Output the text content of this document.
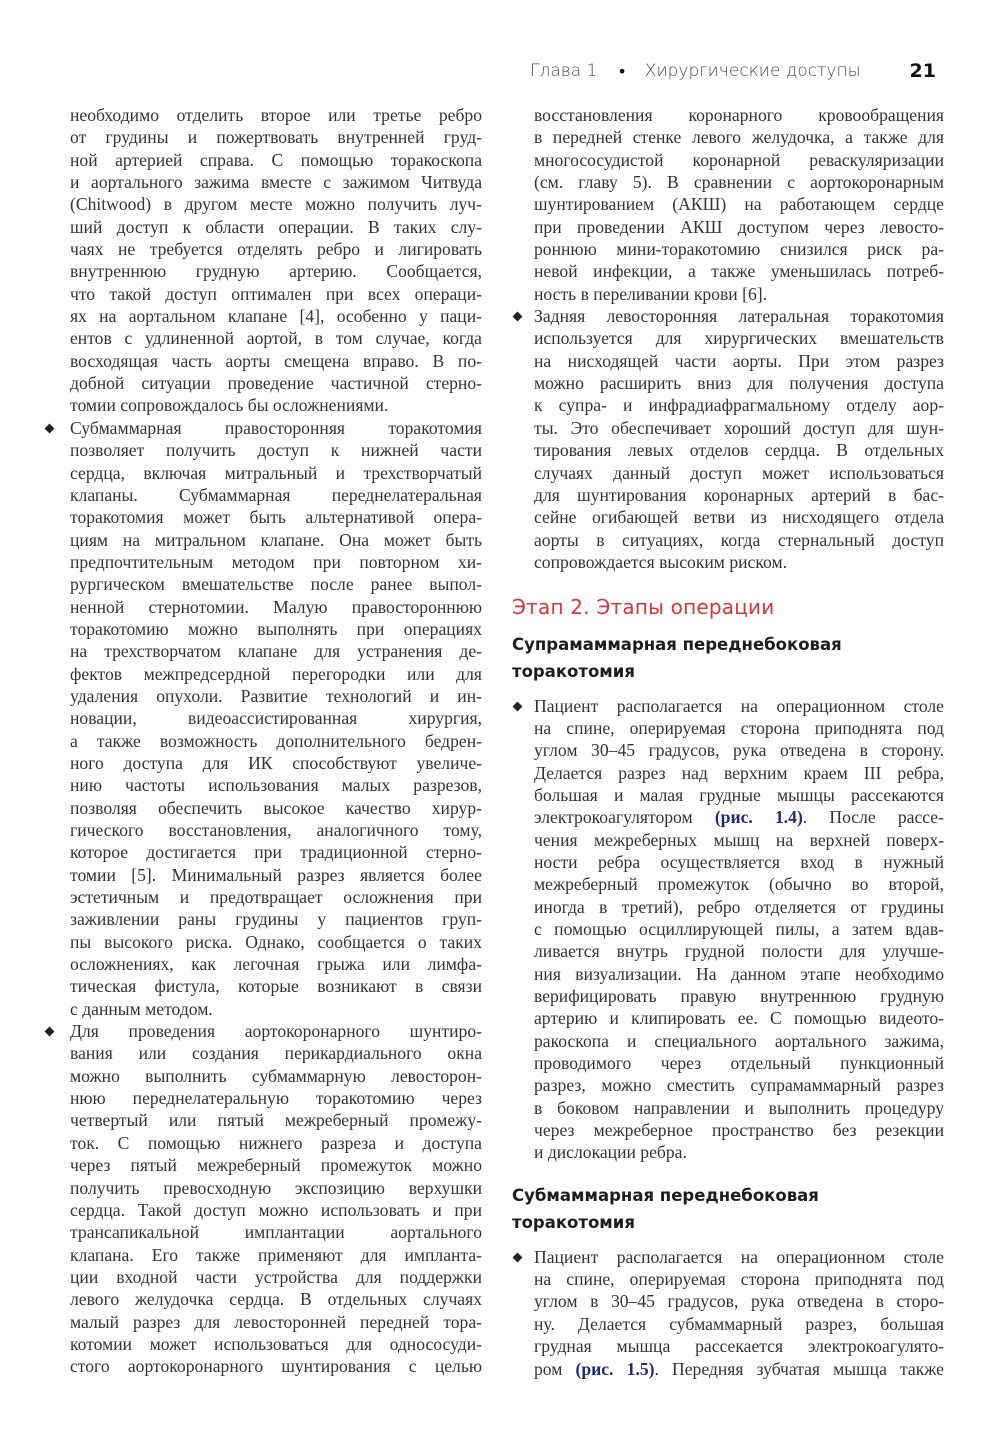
Глава 1 • Хирургические доступы	21

необходимо отделить второе или третье ребро
от грудины и пожертвовать внутренней груд-
ной артерией справа. С помощью торакоскопа
и аортального зажима вместе с зажимом Читвуда
(Chitwood) в другом месте можно получить луч-
ший доступ к области операции. В таких слу-
чаях не требуется отделять ребро и лигировать
внутреннюю грудную артерию. Сообщается,
что такой доступ оптимален при всех операци-
ях на аортальном клапане [4], особенно у паци-
ентов с удлиненной аортой, в том случае, когда
восходящая часть аорты смещена вправо. В по-
добной ситуации проведение частичной стерно-
томии сопровождалось бы осложнениями.

Субмаммарная правосторонняя торакотомия
позволяет получить доступ к нижней части
сердца, включая митральный и трехстворчатый
клапаны. Субмаммарная переднелатеральная
торакотомия может быть альтернативой опера-
циям на митральном клапане. Она может быть
предпочтительным методом при повторном хи-
рургическом вмешательстве после ранее выпол-
ненной стернотомии. Малую правостороннюю
торакотомию можно выполнять при операциях
на трехстворчатом клапане для устранения де-
фектов межпредсердной перегородки или для
удаления опухоли. Развитие технологий и ин-
новации, видеоассистированная хирургия,
а также возможность дополнительного бедрен-
ного доступа для ИК способствуют увеличе-
нию частоты использования малых разрезов,
позволяя обеспечить высокое качество хирур-
гического восстановления, аналогичного тому,
которое достигается при традиционной стерно-
томии [5]. Минимальный разрез является более
эстетичным и предотвращает осложнения при
заживлении раны грудины у пациентов груп-
пы высокого риска. Однако, сообщается о таких
осложнениях, как легочная грыжа или лимфа-
тическая фистула, которые возникают в связи
с данным методом.

Для проведения аортокоронарного шунтиро-
вания или создания перикардиального окна
можно выполнить субмаммарную левосторон-
нюю переднелатеральную торакотомию через
четвертый или пятый межреберный промежу-
ток. С помощью нижнего разреза и доступа
через пятый межреберный промежуток можно
получить превосходную экспозицию верхушки
сердца. Такой доступ можно использовать и при
трансапикальной имплантации аортального
клапана. Его также применяют для импланта-
ции входной части устройства для поддержки
левого желудочка сердца. В отдельных случаях
малый разрез для левосторонней передней тора-
котомии может использоваться для однососуди-
стого аортокоронарного шунтирования с целью

восстановления коронарного кровообращения
в передней стенке левого желудочка, а также для
многососудистой коронарной реваскуляризации
(см. главу 5). В сравнении с аортокоронарным
шунтированием (АКШ) на работающем сердце
при проведении АКШ доступом через левосто-
роннюю мини-торакотомию снизился риск ра-
невой инфекции, а также уменьшилась потреб-
ность в переливании крови [6].

Задняя левосторонняя латеральная торакотомия
используется для хирургических вмешательств
на нисходящей части аорты. При этом разрез
можно расширить вниз для получения доступа
к супра- и инфрадиафрагмальному отделу аор-
ты. Это обеспечивает хороший доступ для шун-
тирования левых отделов сердца. В отдельных
случаях данный доступ может использоваться
для шунтирования коронарных артерий в бас-
сейне огибающей ветви из нисходящего отдела
аорты в ситуациях, когда стернальный доступ
сопровождается высоким риском.

Этап 2. Этапы операции
Супрамаммарная переднебоковая
торакотомия

Пациент располагается на операционном столе
на спине, оперируемая сторона приподнята под
углом 30–45 градусов, рука отведена в сторону.
Делается разрез над верхним краем III ребра,
большая и малая грудные мышцы рассекаются
электрокоагулятором (рис. 1.4). После рассе-
чения межреберных мышц на верхней поверх-
ности ребра осуществляется вход в нужный
межреберный промежуток (обычно во второй,
иногда в третий), ребро отделяется от грудины
с помощью осциллирующей пилы, а затем вдав-
ливается внутрь грудной полости для улучше-
ния визуализации. На данном этапе необходимо
верифицировать правую внутреннюю грудную
артерию и клипировать ее. С помощью видеото-
ракоскопа и специального аортального зажима,
проводимого через отдельный пункционный
разрез, можно сместить супрамаммарный разрез
в боковом направлении и выполнить процедуру
через межреберное пространство без резекции
и дислокации ребра.

Субмаммарная переднебоковая
торакотомия

Пациент располагается на операционном столе
на спине, оперируемая сторона приподнята под
углом в 30–45 градусов, рука отведена в сторо-
ну. Делается субмаммарный разрез, большая
грудная мышца рассекается электрокоагулято-
ром (рис. 1.5). Передняя зубчатая мышца также
